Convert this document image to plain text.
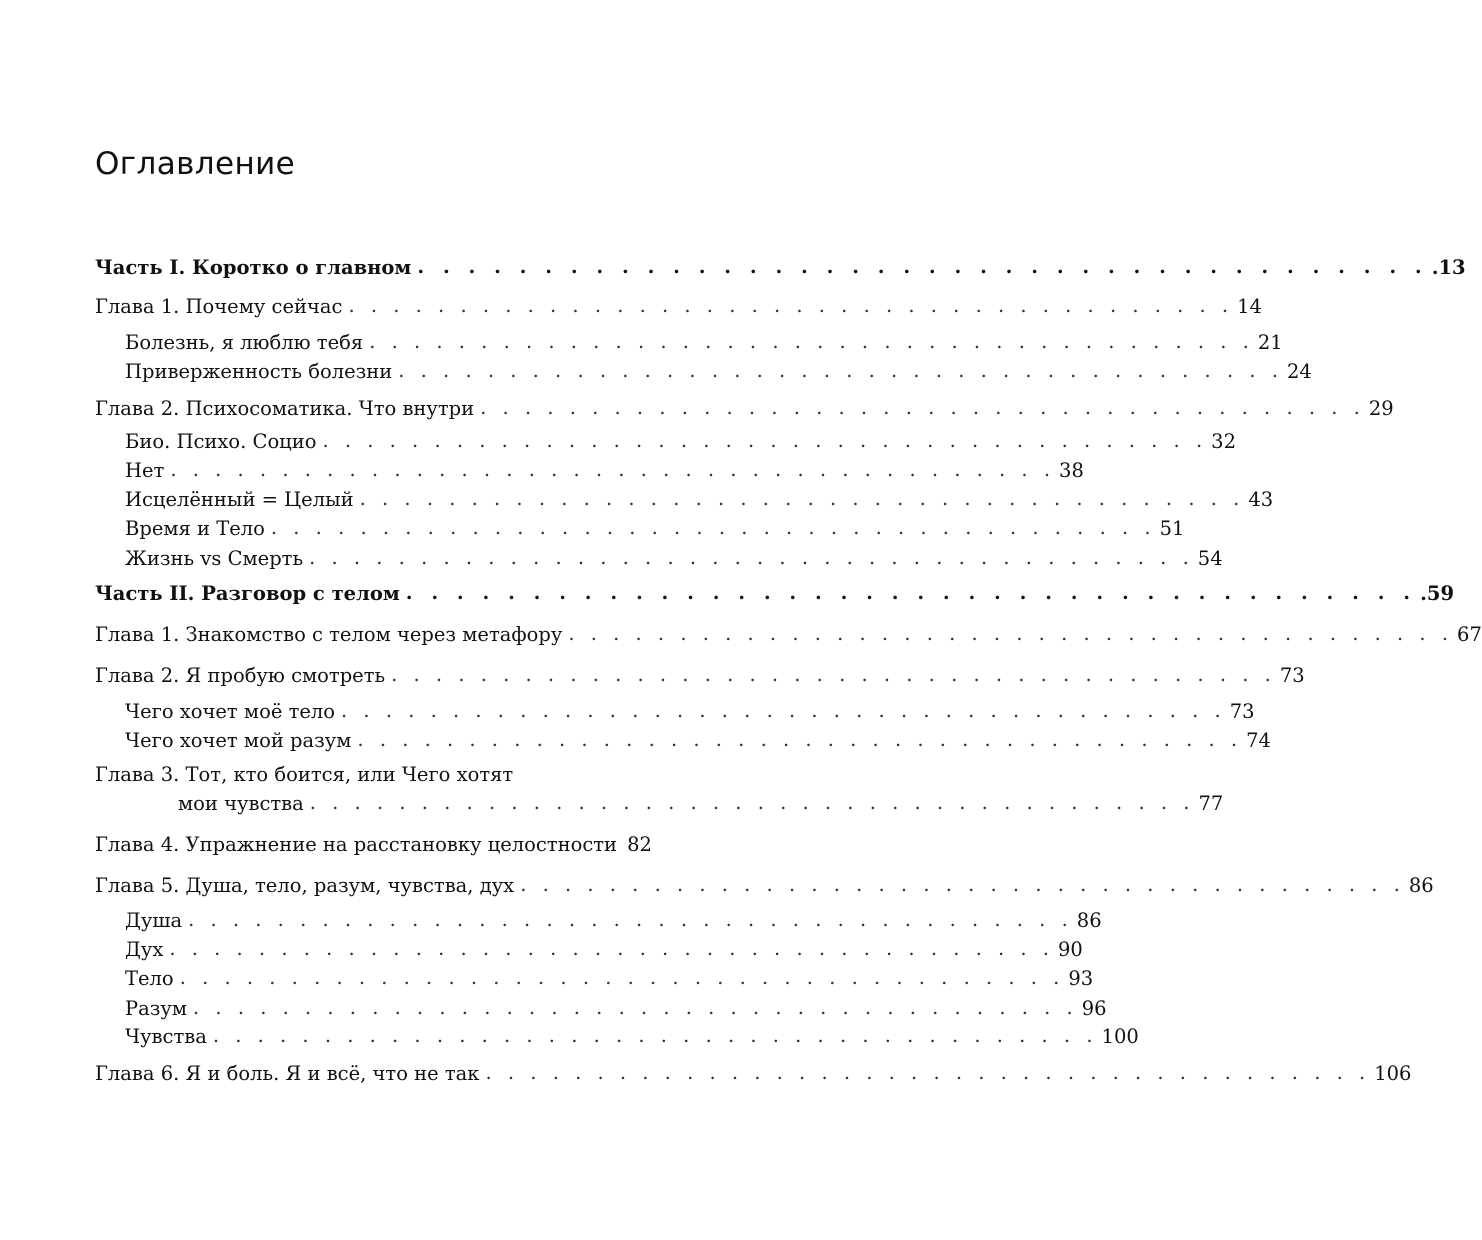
Оглавление
Часть I. Коротко о главном . . . . . . . . . . . . . . . . . . . . . . . . . . . . . . . . . . . . . . . . .13
Глава 1. Почему сейчас . . . . . . . . . . . . . . . . . . . . . . . . . . . . . . . . . . . . . . . . 14
Болезнь, я люблю тебя . . . . . . . . . . . . . . . . . . . . . . . . . . . . . . . . . . . . . . . . 21
Приверженность болезни . . . . . . . . . . . . . . . . . . . . . . . . . . . . . . . . . . . . . . . . 24
Глава 2. Психосоматика. Что внутри . . . . . . . . . . . . . . . . . . . . . . . . . . . . . . . . . . . . . . . . 29
Био. Психо. Социо . . . . . . . . . . . . . . . . . . . . . . . . . . . . . . . . . . . . . . . . 32
Нет . . . . . . . . . . . . . . . . . . . . . . . . . . . . . . . . . . . . . . . . 38
Исцелённый = Целый . . . . . . . . . . . . . . . . . . . . . . . . . . . . . . . . . . . . . . . . 43
Время и Тело . . . . . . . . . . . . . . . . . . . . . . . . . . . . . . . . . . . . . . . . 51
Жизнь vs Смерть . . . . . . . . . . . . . . . . . . . . . . . . . . . . . . . . . . . . . . . . 54
Часть II. Разговор с телом . . . . . . . . . . . . . . . . . . . . . . . . . . . . . . . . . . . . . . . . .59
Глава 1. Знакомство с телом через метафору . . . . . . . . . . . . . . . . . . . . . . . . . . . . . . . . . . . . . . . . 67
Глава 2. Я пробую смотреть . . . . . . . . . . . . . . . . . . . . . . . . . . . . . . . . . . . . . . . . 73
Чего хочет моё тело . . . . . . . . . . . . . . . . . . . . . . . . . . . . . . . . . . . . . . . . 73
Чего хочет мой разум . . . . . . . . . . . . . . . . . . . . . . . . . . . . . . . . . . . . . . . . 74
Глава 3. Тот, кто боится, или Чего хотят
мои чувства . . . . . . . . . . . . . . . . . . . . . . . . . . . . . . . . . . . . . . . . 77
Глава 4. Упражнение на расстановку целостности 82
Глава 5. Душа, тело, разум, чувства, дух . . . . . . . . . . . . . . . . . . . . . . . . . . . . . . . . . . . . . . . . 86
Душа . . . . . . . . . . . . . . . . . . . . . . . . . . . . . . . . . . . . . . . . 86
Дух . . . . . . . . . . . . . . . . . . . . . . . . . . . . . . . . . . . . . . . . 90
Тело . . . . . . . . . . . . . . . . . . . . . . . . . . . . . . . . . . . . . . . . 93
Разум . . . . . . . . . . . . . . . . . . . . . . . . . . . . . . . . . . . . . . . . 96
Чувства . . . . . . . . . . . . . . . . . . . . . . . . . . . . . . . . . . . . . . . . 100
Глава 6. Я и боль. Я и всё, что не так . . . . . . . . . . . . . . . . . . . . . . . . . . . . . . . . . . . . . . . . 106
